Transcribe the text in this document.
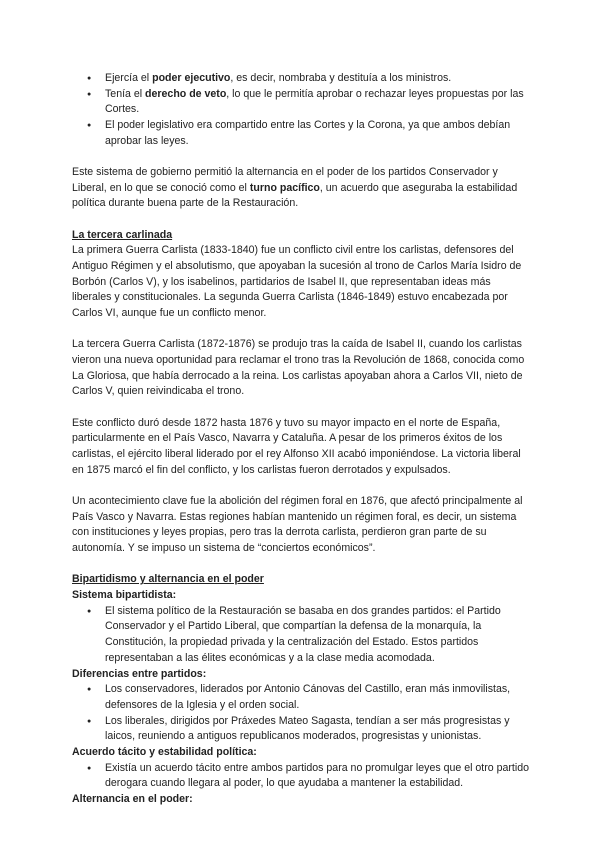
● Ejercía el poder ejecutivo, es decir, nombraba y destituía a los ministros.
● Tenía el derecho de veto, lo que le permitía aprobar o rechazar leyes propuestas por las Cortes.
● El poder legislativo era compartido entre las Cortes y la Corona, ya que ambos debían aprobar las leyes.

Este sistema de gobierno permitió la alternancia en el poder de los partidos Conservador y Liberal, en lo que se conoció como el turno pacífico, un acuerdo que aseguraba la estabilidad política durante buena parte de la Restauración.

La tercera carlinada

La primera Guerra Carlista (1833-1840) fue un conflicto civil entre los carlistas, defensores del Antiguo Régimen y el absolutismo, que apoyaban la sucesión al trono de Carlos María Isidro de Borbón (Carlos V), y los isabelinos, partidarios de Isabel II, que representaban ideas más liberales y constitucionales. La segunda Guerra Carlista (1846-1849) estuvo encabezada por Carlos VI, aunque fue un conflicto menor.

La tercera Guerra Carlista (1872-1876) se produjo tras la caída de Isabel II, cuando los carlistas vieron una nueva oportunidad para reclamar el trono tras la Revolución de 1868, conocida como La Gloriosa, que había derrocado a la reina. Los carlistas apoyaban ahora a Carlos VII, nieto de Carlos V, quien reivindicaba el trono.

Este conflicto duró desde 1872 hasta 1876 y tuvo su mayor impacto en el norte de España, particularmente en el País Vasco, Navarra y Cataluña. A pesar de los primeros éxitos de los carlistas, el ejército liberal liderado por el rey Alfonso XII acabó imponiéndose. La victoria liberal en 1875 marcó el fin del conflicto, y los carlistas fueron derrotados y expulsados.

Un acontecimiento clave fue la abolición del régimen foral en 1876, que afectó principalmente al País Vasco y Navarra. Estas regiones habían mantenido un régimen foral, es decir, un sistema con instituciones y leyes propias, pero tras la derrota carlista, perdieron gran parte de su autonomía. Y se impuso un sistema de “conciertos económicos”.

Bipartidismo y alternancia en el poder

Sistema bipartidista:

● El sistema político de la Restauración se basaba en dos grandes partidos: el Partido Conservador y el Partido Liberal, que compartían la defensa de la monarquía, la Constitución, la propiedad privada y la centralización del Estado. Estos partidos representaban a las élites económicas y a la clase media acomodada.

Diferencias entre partidos:

● Los conservadores, liderados por Antonio Cánovas del Castillo, eran más inmovilistas, defensores de la Iglesia y el orden social.
● Los liberales, dirigidos por Práxedes Mateo Sagasta, tendían a ser más progresistas y laicos, reuniendo a antiguos republicanos moderados, progresistas y unionistas.

Acuerdo tácito y estabilidad política:

● Existía un acuerdo tácito entre ambos partidos para no promulgar leyes que el otro partido derogara cuando llegara al poder, lo que ayudaba a mantener la estabilidad.

Alternancia en el poder:
